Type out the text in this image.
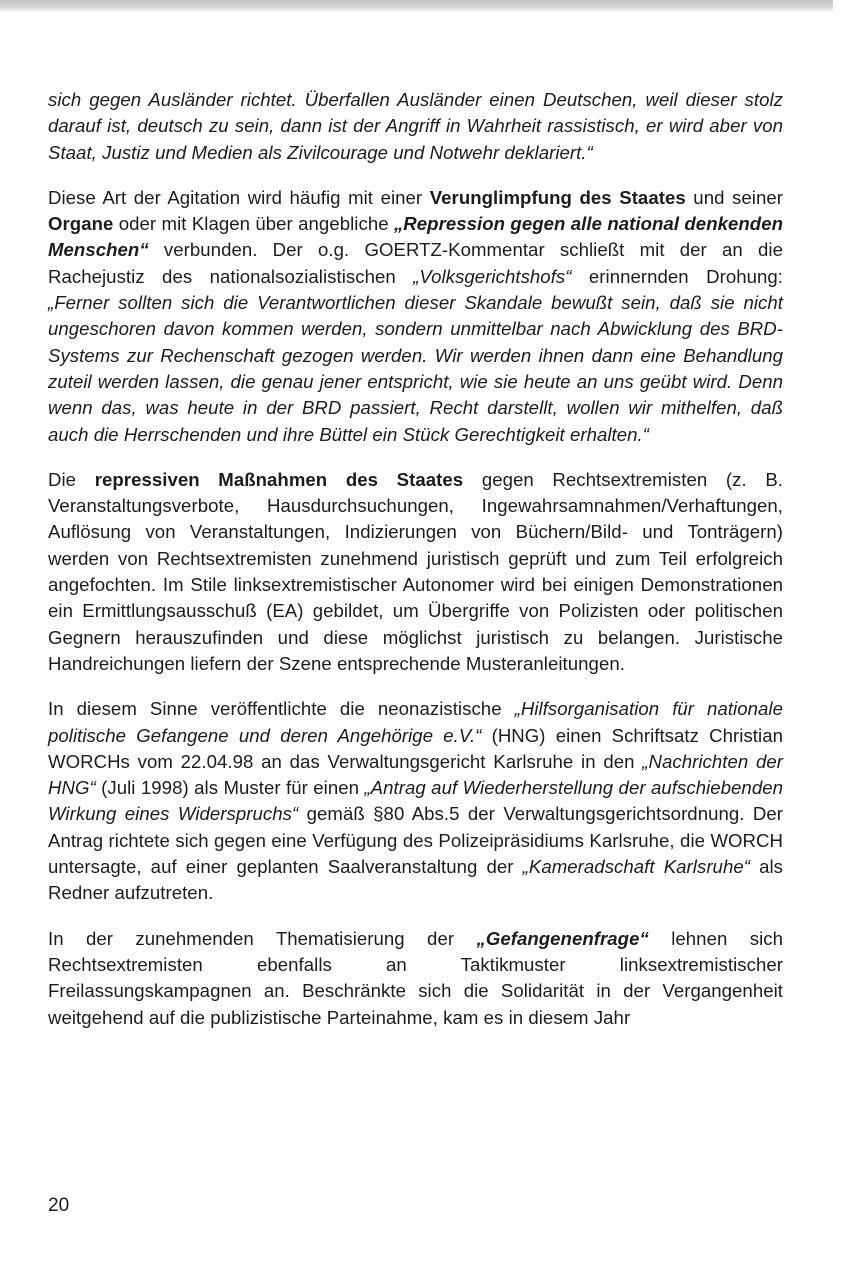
sich gegen Ausländer richtet. Überfallen Ausländer einen Deutschen, weil dieser stolz darauf ist, deutsch zu sein, dann ist der Angriff in Wahrheit rassistisch, er wird aber von Staat, Justiz und Medien als Zivilcourage und Notwehr deklariert.“

Diese Art der Agitation wird häufig mit einer Verunglimpfung des Staates und seiner Organe oder mit Klagen über angebliche „Repression gegen alle national denkenden Menschen“ verbunden. Der o.g. GOERTZ-Kommentar schließt mit der an die Rachejustiz des nationalsozialistischen „Volksgerichtshofs“ erinnernden Drohung: „Ferner sollten sich die Verantwortlichen dieser Skandale bewußt sein, daß sie nicht ungeschoren davon kommen werden, sondern unmittelbar nach Abwicklung des BRD-Systems zur Rechenschaft gezogen werden. Wir werden ihnen dann eine Behandlung zuteil werden lassen, die genau jener entspricht, wie sie heute an uns geübt wird. Denn wenn das, was heute in der BRD passiert, Recht darstellt, wollen wir mithelfen, daß auch die Herrschenden und ihre Büttel ein Stück Gerechtigkeit erhalten.“

Die repressiven Maßnahmen des Staates gegen Rechtsextremisten (z. B. Veranstaltungsverbote, Hausdurchsuchungen, Ingewahrsamnahmen/Verhaftungen, Auflösung von Veranstaltungen, Indizierungen von Büchern/Bild- und Tonträgern) werden von Rechtsextremisten zunehmend juristisch geprüft und zum Teil erfolgreich angefochten. Im Stile linksextremistischer Autonomer wird bei einigen Demonstrationen ein Ermittlungsausschuß (EA) gebildet, um Übergriffe von Polizisten oder politischen Gegnern herauszufinden und diese möglichst juristisch zu belangen. Juristische Handreichungen liefern der Szene entsprechende Musteranleitungen.

In diesem Sinne veröffentlichte die neonazistische „Hilfsorganisation für nationale politische Gefangene und deren Angehörige e.V.“ (HNG) einen Schriftsatz Christian WORCHs vom 22.04.98 an das Verwaltungsgericht Karlsruhe in den „Nachrichten der HNG“ (Juli 1998) als Muster für einen „Antrag auf Wiederherstellung der aufschiebenden Wirkung eines Widerspruchs“ gemäß §80 Abs.5 der Verwaltungsgerichtsordnung. Der Antrag richtete sich gegen eine Verfügung des Polizeipräsidiums Karlsruhe, die WORCH untersagte, auf einer geplanten Saalveranstaltung der „Kameradschaft Karlsruhe“ als Redner aufzutreten.

In der zunehmenden Thematisierung der „Gefangenenfrage“ lehnen sich Rechtsextremisten ebenfalls an Taktikmuster linksextremistischer Freilassungskampagnen an. Beschränkte sich die Solidarität in der Vergangenheit weitgehend auf die publizistische Parteinahme, kam es in diesem Jahr

20
